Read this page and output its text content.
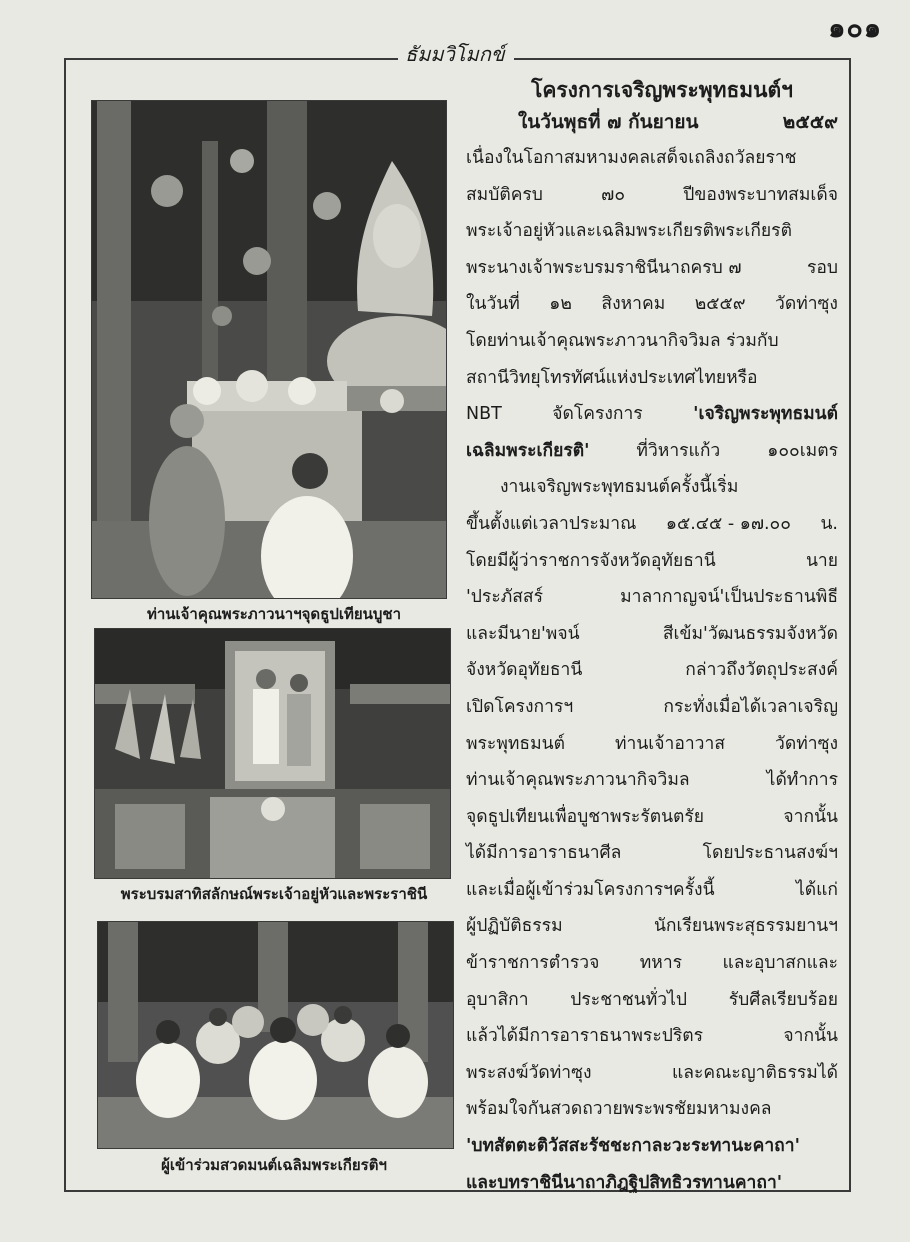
๑๐๑
ธัมมวิโมกข์
ท่านเจ้าคุณพระภาวนาฯจุดธูปเทียนบูชา
พระบรมสาทิสลักษณ์พระเจ้าอยู่หัวและพระราชินี
ผู้เข้าร่วมสวดมนต์เฉลิมพระเกียรติฯ
โครงการเจริญพระพุทธมนต์ฯ
ในวันพุธที่ ๗ กันยายน	๒๕๕๙
เนื่องในโอกาสมหามงคลเสด็จเถลิงถวัลยราช
สมบัติครบ	๗๐	ปีของพระบาทสมเด็จ
พระเจ้าอยู่หัวและเฉลิมพระเกียรติพระเกียรติ
พระนางเจ้าพระบรมราชินีนาถครบ ๗	รอบ
ในวันที่ ๑๒ สิงหาคม ๒๕๕๙ วัดท่าซุง
โดยท่านเจ้าคุณพระภาวนากิจวิมล ร่วมกับ
สถานีวิทยุโทรทัศน์แห่งประเทศไทยหรือ
NBT	จัดโครงการ	'เจริญพระพุทธมนต์
เฉลิมพระเกียรติ'	ที่วิหารแก้ว	๑๐๐เมตร
งานเจริญพระพุทธมนต์ครั้งนี้เริ่ม
ขึ้นตั้งแต่เวลาประมาณ ๑๕.๔๕ - ๑๗.๐๐ น.
โดยมีผู้ว่าราชการจังหวัดอุทัยธานี	นาย
'ประภัสสร์	มาลากาญจน์'เป็นประธานพิธี
และมีนาย'พจน์	สีเข้ม'วัฒนธรรมจังหวัด
จังหวัดอุทัยธานี	กล่าวถึงวัตถุประสงค์
เปิดโครงการฯ	กระทั่งเมื่อได้เวลาเจริญ
พระพุทธมนต์	ท่านเจ้าอาวาส	วัดท่าซุง
ท่านเจ้าคุณพระภาวนากิจวิมล	ได้ทำการ
จุดธูปเทียนเพื่อบูชาพระรัตนตรัย	จากนั้น
ได้มีการอาราธนาศีล	โดยประธานสงฆ์ฯ
และเมื่อผู้เข้าร่วมโครงการฯครั้งนี้	ได้แก่
ผู้ปฏิบัติธรรม	นักเรียนพระสุธรรมยานฯ
ข้าราชการตำรวจ ทหาร และอุบาสกและ
อุบาสิกา ประชาชนทั่วไป รับศีลเรียบร้อย
แล้วได้มีการอาราธนาพระปริตร	จากนั้น
พระสงฆ์วัดท่าซุง	และคณะญาติธรรมได้
พร้อมใจกันสวดถวายพระพรชัยมหามงคล
'บทสัตตะติวัสสะรัชชะกาละวะระทานะคาถา'
และบทราชินีนาถาภิฎฐิปสิทธิวรทานคาถา'
